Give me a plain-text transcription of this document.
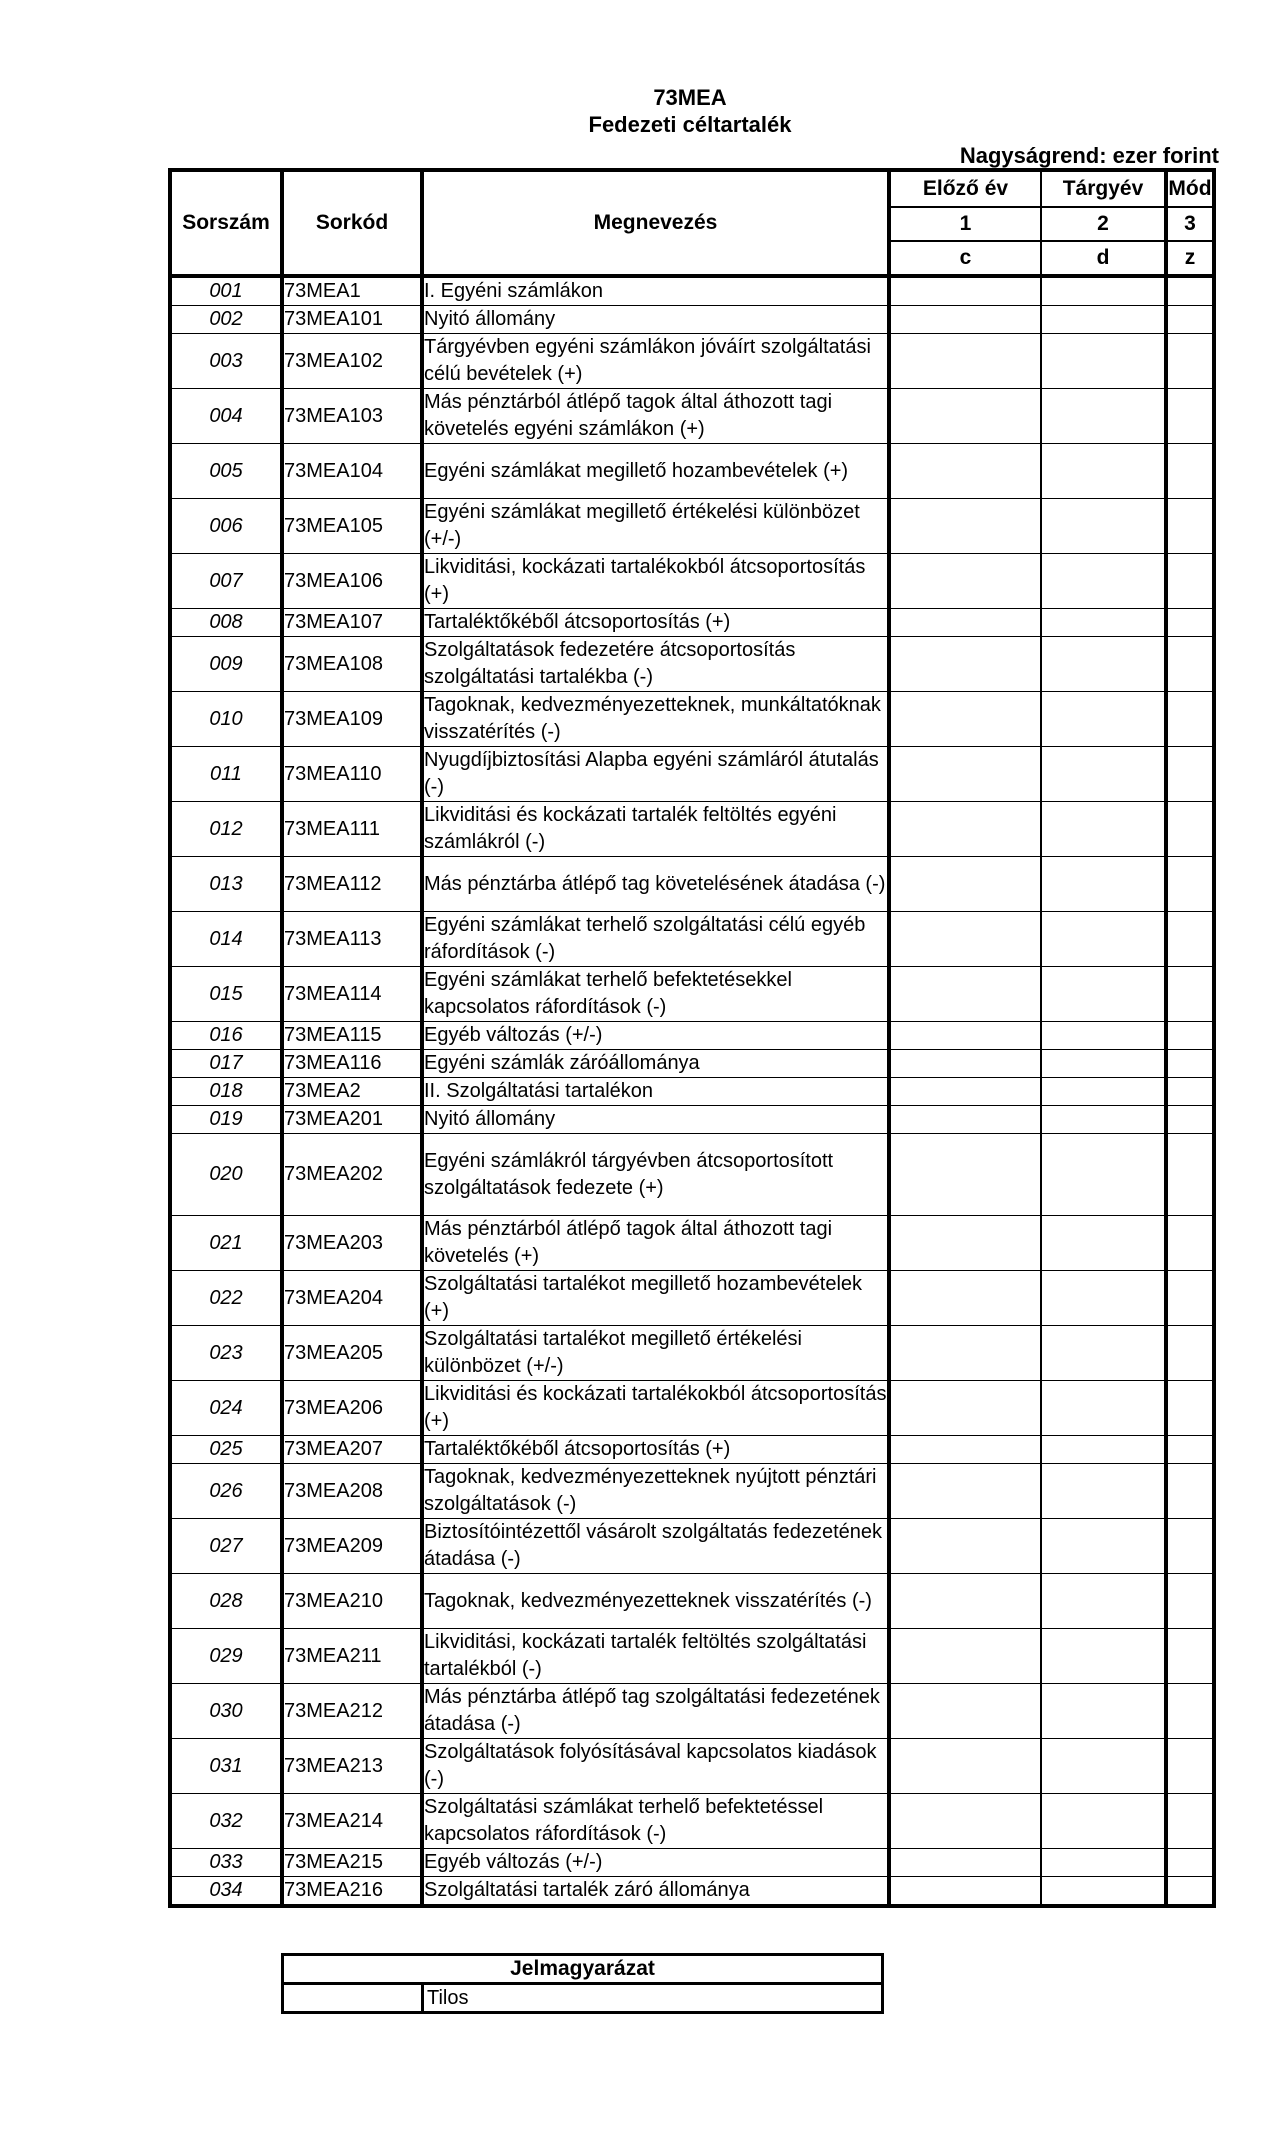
73MEA
Fedezeti céltartalék
Nagyságrend: ezer forint
Sorszám	Sorkód	Megnevezés	Előző év	Tárgyév	Mód
			1	2	3
			c	d	z
001	73MEA1	I. Egyéni számlákon			
002	73MEA101	Nyitó állomány			
003	73MEA102	Tárgyévben egyéni számlákon jóváírt szolgáltatási célú bevételek (+)			
004	73MEA103	Más pénztárból átlépő tagok által áthozott tagi követelés egyéni számlákon (+)			
005	73MEA104	Egyéni számlákat megillető hozambevételek (+)			
006	73MEA105	Egyéni számlákat megillető értékelési különbözet (+/-)			
007	73MEA106	Likviditási, kockázati tartalékokból átcsoportosítás (+)			
008	73MEA107	Tartaléktőkéből átcsoportosítás (+)			
009	73MEA108	Szolgáltatások fedezetére átcsoportosítás szolgáltatási tartalékba (-)			
010	73MEA109	Tagoknak, kedvezményezetteknek, munkáltatóknak visszatérítés (-)			
011	73MEA110	Nyugdíjbiztosítási Alapba egyéni számláról átutalás (-)			
012	73MEA111	Likviditási és kockázati tartalék feltöltés egyéni számlákról (-)			
013	73MEA112	Más pénztárba átlépő tag követelésének átadása (-)			
014	73MEA113	Egyéni számlákat terhelő szolgáltatási célú egyéb ráfordítások (-)			
015	73MEA114	Egyéni számlákat terhelő befektetésekkel kapcsolatos ráfordítások (-)			
016	73MEA115	Egyéb változás (+/-)			
017	73MEA116	Egyéni számlák záróállománya			
018	73MEA2	II. Szolgáltatási tartalékon			
019	73MEA201	Nyitó állomány			
020	73MEA202	Egyéni számlákról tárgyévben átcsoportosított szolgáltatások fedezete (+)			
021	73MEA203	Más pénztárból átlépő tagok által áthozott tagi követelés (+)			
022	73MEA204	Szolgáltatási tartalékot megillető hozambevételek (+)			
023	73MEA205	Szolgáltatási tartalékot megillető értékelési különbözet (+/-)			
024	73MEA206	Likviditási és kockázati tartalékokból átcsoportosítás (+)			
025	73MEA207	Tartaléktőkéből átcsoportosítás (+)			
026	73MEA208	Tagoknak, kedvezményezetteknek nyújtott pénztári szolgáltatások (-)			
027	73MEA209	Biztosítóintézettől vásárolt szolgáltatás fedezetének átadása (-)			
028	73MEA210	Tagoknak, kedvezményezetteknek visszatérítés (-)			
029	73MEA211	Likviditási, kockázati tartalék feltöltés szolgáltatási tartalékból (-)			
030	73MEA212	Más pénztárba átlépő tag szolgáltatási fedezetének átadása (-)			
031	73MEA213	Szolgáltatások folyósításával kapcsolatos kiadások (-)			
032	73MEA214	Szolgáltatási számlákat terhelő befektetéssel kapcsolatos ráfordítások (-)			
033	73MEA215	Egyéb változás (+/-)			
034	73MEA216	Szolgáltatási tartalék záró állománya			
Jelmagyarázat
	Tilos
